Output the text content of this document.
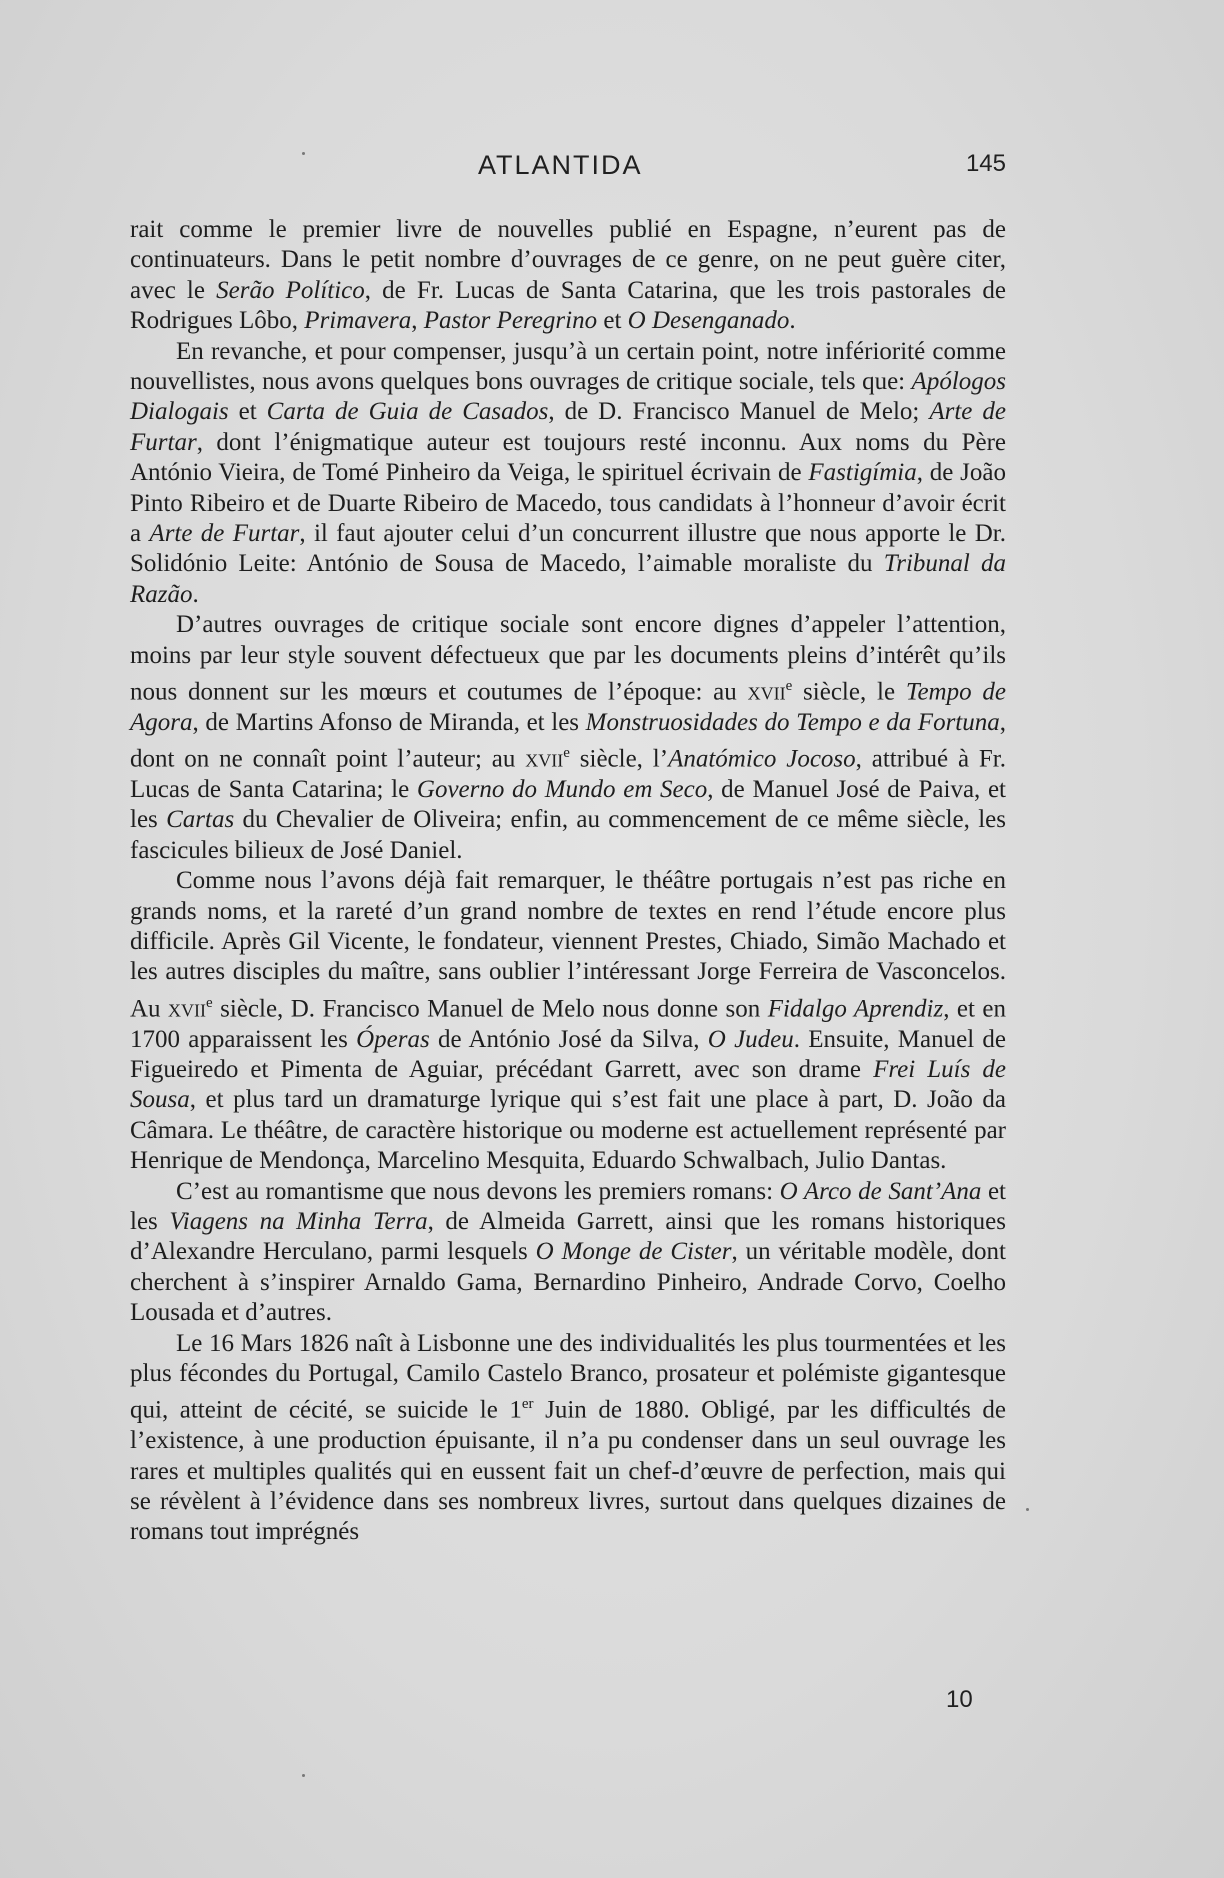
ATLANTIDA	145

rait comme le premier livre de nouvelles publié en Espagne, n’eurent pas de continuateurs. Dans le petit nombre d’ouvrages de ce genre, on ne peut guère citer, avec le Serão Político, de Fr. Lucas de Santa Catarina, que les trois pastorales de Rodrigues Lôbo, Primavera, Pastor Peregrino et O Desenganado.

En revanche, et pour compenser, jusqu’à un certain point, notre infériorité comme nouvellistes, nous avons quelques bons ouvrages de critique sociale, tels que: Apólogos Dialogais et Carta de Guia de Casados, de D. Francisco Manuel de Melo; Arte de Furtar, dont l’énigmatique auteur est toujours resté inconnu. Aux noms du Père António Vieira, de Tomé Pinheiro da Veiga, le spirituel écrivain de Fastigímia, de João Pinto Ribeiro et de Duarte Ribeiro de Macedo, tous candidats à l’honneur d’avoir écrit a Arte de Furtar, il faut ajouter celui d’un concurrent illustre que nous apporte le Dr. Solidónio Leite: António de Sousa de Macedo, l’aimable moraliste du Tribunal da Razão.

D’autres ouvrages de critique sociale sont encore dignes d’appeler l’attention, moins par leur style souvent défectueux que par les documents pleins d’intérêt qu’ils nous donnent sur les mœurs et coutumes de l’époque: au xvii$^e$ siècle, le Tempo de Agora, de Martins Afonso de Miranda, et les Monstruosidades do Tempo e da Fortuna, dont on ne connaît point l’auteur; au xvii$^e$ siècle, l’Anatómico Jocoso, attribué à Fr. Lucas de Santa Catarina; le Governo do Mundo em Seco, de Manuel José de Paiva, et les Cartas du Chevalier de Oliveira; enfin, au commencement de ce même siècle, les fascicules bilieux de José Daniel.

Comme nous l’avons déjà fait remarquer, le théâtre portugais n’est pas riche en grands noms, et la rareté d’un grand nombre de textes en rend l’étude encore plus difficile. Après Gil Vicente, le fondateur, viennent Prestes, Chiado, Simão Machado et les autres disciples du maître, sans oublier l’intéressant Jorge Ferreira de Vasconcelos. Au xvii$^e$ siècle, D. Francisco Manuel de Melo nous donne son Fidalgo Aprendiz, et en 1700 apparaissent les Óperas de António José da Silva, O Judeu. Ensuite, Manuel de Figueiredo et Pimenta de Aguiar, précédant Garrett, avec son drame Frei Luís de Sousa, et plus tard un dramaturge lyrique qui s’est fait une place à part, D. João da Câmara. Le théâtre, de caractère historique ou moderne est actuellement représenté par Henrique de Mendonça, Marcelino Mesquita, Eduardo Schwalbach, Julio Dantas.

C’est au romantisme que nous devons les premiers romans: O Arco de Sant’Ana et les Viagens na Minha Terra, de Almeida Garrett, ainsi que les romans historiques d’Alexandre Herculano, parmi lesquels O Monge de Cister, un véritable modèle, dont cherchent à s’inspirer Arnaldo Gama, Bernardino Pinheiro, Andrade Corvo, Coelho Lousada et d’autres.

Le 16 Mars 1826 naît à Lisbonne une des individualités les plus tourmentées et les plus fécondes du Portugal, Camilo Castelo Branco, prosateur et polémiste gigantesque qui, atteint de cécité, se suicide le 1er Juin de 1880. Obligé, par les difficultés de l’existence, à une production épuisante, il n’a pu condenser dans un seul ouvrage les rares et multiples qualités qui en eussent fait un chef-d’œuvre de perfection, mais qui se révèlent à l’évidence dans ses nombreux livres, surtout dans quelques dizaines de romans tout imprégnés

10
